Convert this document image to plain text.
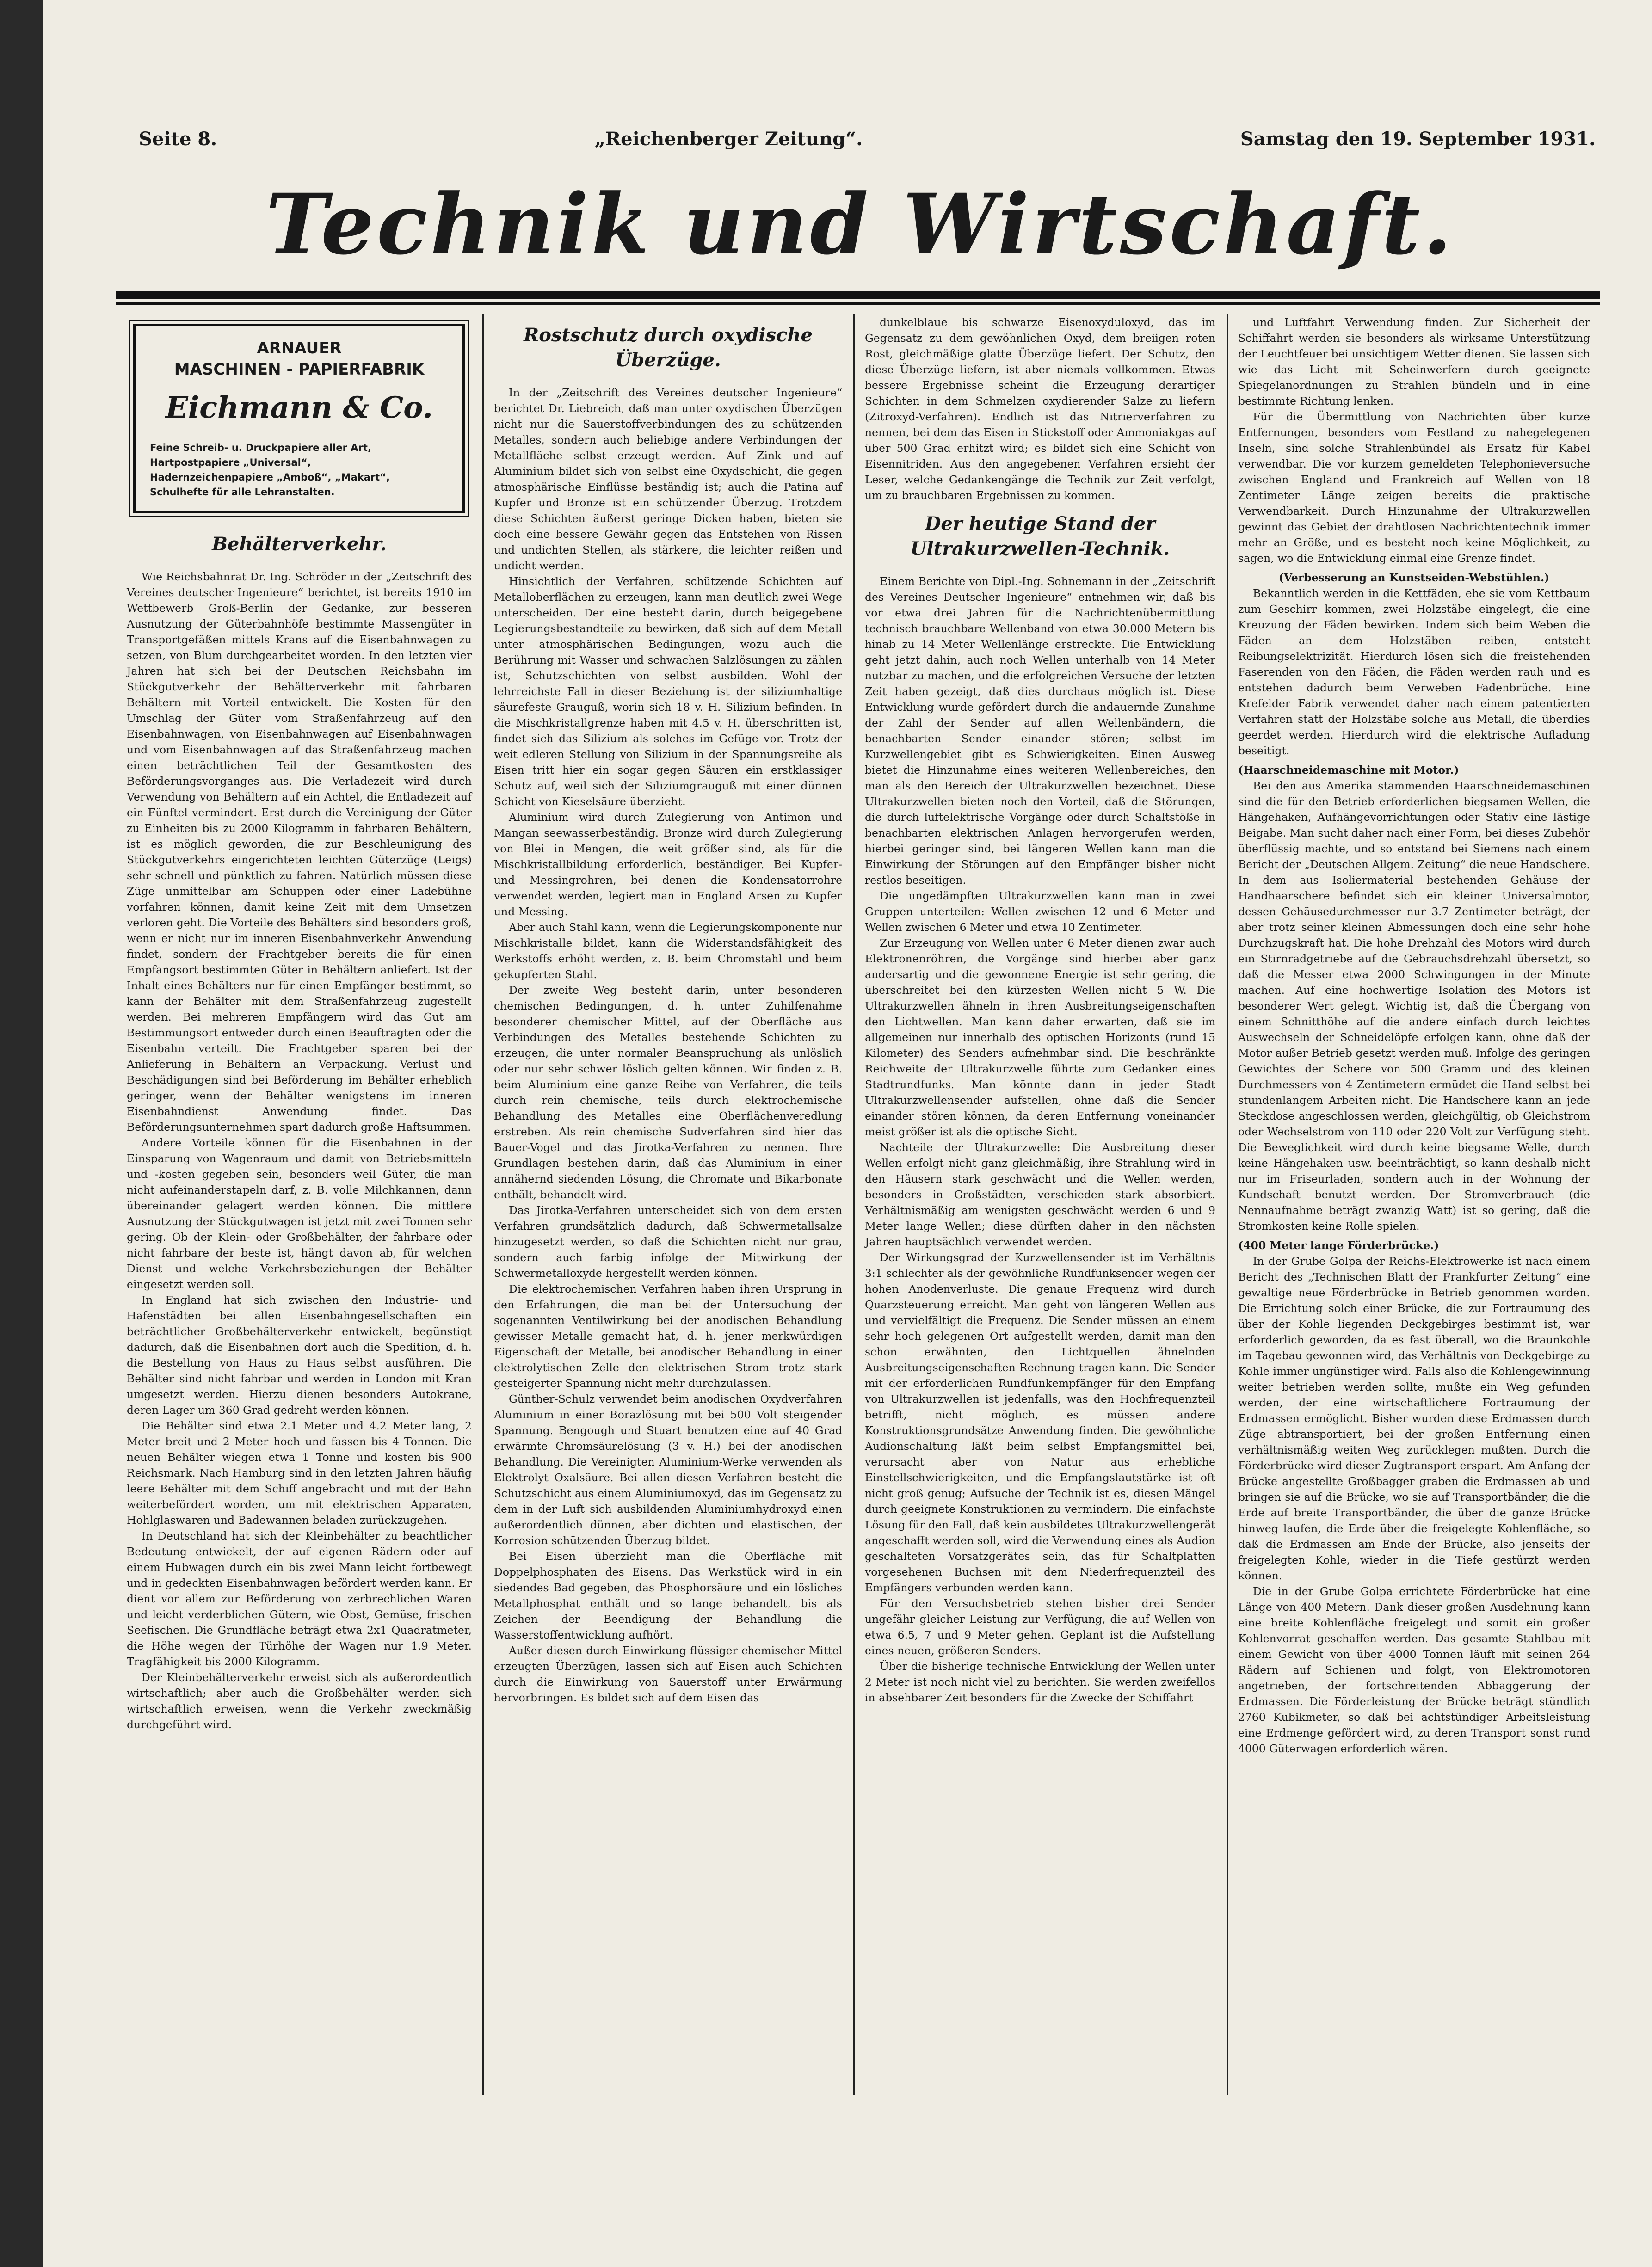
Seite 8.	„Reichenberger Zeitung“.	Samstag den 19. September 1931.
Technik und Wirtschaft.
ARNAUER
MASCHINEN - PAPIERFABRIK
Eichmann & Co.
Feine Schreib- u. Druckpapiere aller Art,
Hartpostpapiere „Universal“,
Hadernzeichenpapiere „Amboß“, „Makart“,
Schulhefte für alle Lehranstalten.
Behälterverkehr.

Wie Reichsbahnrat Dr. Ing. Schröder in der „Zeitschrift des Vereines deutscher Ingenieure“ berichtet, ist bereits 1910 im Wettbewerb Groß-Berlin der Gedanke, zur besseren Ausnutzung der Güterbahnhöfe bestimmte Massengüter in Transportgefäßen mittels Krans auf die Eisenbahnwagen zu setzen, von Blum durchgearbeitet worden. In den letzten vier Jahren hat sich bei der Deutschen Reichsbahn im Stückgutverkehr der Behälterverkehr mit fahrbaren Behältern mit Vorteil entwickelt. Die Kosten für den Umschlag der Güter vom Straßenfahrzeug auf den Eisenbahnwagen, von Eisenbahnwagen auf Eisenbahnwagen und vom Eisenbahnwagen auf das Straßenfahrzeug machen einen beträchtlichen Teil der Gesamtkosten des Beförderungsvorganges aus. Die Verladezeit wird durch Verwendung von Behältern auf ein Achtel, die Entladezeit auf ein Fünftel vermindert. Erst durch die Vereinigung der Güter zu Einheiten bis zu 2000 Kilogramm in fahrbaren Behältern, ist es möglich geworden, die zur Beschleunigung des Stückgutverkehrs eingerichteten leichten Güterzüge (Leigs) sehr schnell und pünktlich zu fahren. Natürlich müssen diese Züge unmittelbar am Schuppen oder einer Ladebühne vorfahren können, damit keine Zeit mit dem Umsetzen verloren geht. Die Vorteile des Behälters sind besonders groß, wenn er nicht nur im inneren Eisenbahnverkehr Anwendung findet, sondern der Frachtgeber bereits die für einen Empfangsort bestimmten Güter in Behältern anliefert. Ist der Inhalt eines Behälters nur für einen Empfänger bestimmt, so kann der Behälter mit dem Straßenfahrzeug zugestellt werden. Bei mehreren Empfängern wird das Gut am Bestimmungsort entweder durch einen Beauftragten oder die Eisenbahn verteilt. Die Frachtgeber sparen bei der Anlieferung in Behältern an Verpackung. Verlust und Beschädigungen sind bei Beförderung im Behälter erheblich geringer, wenn der Behälter wenigstens im inneren Eisenbahndienst Anwendung findet. Das Beförderungsunternehmen spart dadurch große Haftsummen.

Andere Vorteile können für die Eisenbahnen in der Einsparung von Wagenraum und damit von Betriebsmitteln und -kosten gegeben sein, besonders weil Güter, die man nicht aufeinanderstapeln darf, z. B. volle Milchkannen, dann übereinander gelagert werden können. Die mittlere Ausnutzung der Stückgutwagen ist jetzt mit zwei Tonnen sehr gering. Ob der Klein- oder Großbehälter, der fahrbare oder nicht fahrbare der beste ist, hängt davon ab, für welchen Dienst und welche Verkehrsbeziehungen der Behälter eingesetzt werden soll.

In England hat sich zwischen den Industrie- und Hafenstädten bei allen Eisenbahngesellschaften ein beträchtlicher Großbehälterverkehr entwickelt, begünstigt dadurch, daß die Eisenbahnen dort auch die Spedition, d. h. die Bestellung von Haus zu Haus selbst ausführen. Die Behälter sind nicht fahrbar und werden in London mit Kran umgesetzt werden. Hierzu dienen besonders Autokrane, deren Lager um 360 Grad gedreht werden können.

Die Behälter sind etwa 2.1 Meter und 4.2 Meter lang, 2 Meter breit und 2 Meter hoch und fassen bis 4 Tonnen. Die neuen Behälter wiegen etwa 1 Tonne und kosten bis 900 Reichsmark. Nach Hamburg sind in den letzten Jahren häufig leere Behälter mit dem Schiff angebracht und mit der Bahn weiterbefördert worden, um mit elektrischen Apparaten, Hohlglaswaren und Badewannen beladen zurückzugehen.

In Deutschland hat sich der Kleinbehälter zu beachtlicher Bedeutung entwickelt, der auf eigenen Rädern oder auf einem Hubwagen durch ein bis zwei Mann leicht fortbewegt und in gedeckten Eisenbahnwagen befördert werden kann. Er dient vor allem zur Beförderung von zerbrechlichen Waren und leicht verderblichen Gütern, wie Obst, Gemüse, frischen Seefischen. Die Grundfläche beträgt etwa 2x1 Quadratmeter, die Höhe wegen der Türhöhe der Wagen nur 1.9 Meter. Tragfähigkeit bis 2000 Kilogramm.

Der Kleinbehälterverkehr erweist sich als außerordentlich wirtschaftlich; aber auch die Großbehälter werden sich wirtschaftlich erweisen, wenn die Verkehr zweckmäßig durchgeführt wird.

Rostschutz durch oxydische Überzüge.

In der „Zeitschrift des Vereines deutscher Ingenieure“ berichtet Dr. Liebreich, daß man unter oxydischen Überzügen nicht nur die Sauerstoffverbindungen des zu schützenden Metalles, sondern auch beliebige andere Verbindungen der Metallfläche selbst erzeugt werden. Auf Zink und auf Aluminium bildet sich von selbst eine Oxydschicht, die gegen atmosphärische Einflüsse beständig ist; auch die Patina auf Kupfer und Bronze ist ein schützender Überzug. Trotzdem diese Schichten äußerst geringe Dicken haben, bieten sie doch eine bessere Gewähr gegen das Entstehen von Rissen und undichten Stellen, als stärkere, die leichter reißen und undicht werden.

Hinsichtlich der Verfahren, schützende Schichten auf Metalloberflächen zu erzeugen, kann man deutlich zwei Wege unterscheiden. Der eine besteht darin, durch beigegebene Legierungsbestandteile zu bewirken, daß sich auf dem Metall unter atmosphärischen Bedingungen, wozu auch die Berührung mit Wasser und schwachen Salzlösungen zu zählen ist, Schutzschichten von selbst ausbilden. Wohl der lehrreichste Fall in dieser Beziehung ist der siliziumhaltige säurefeste Grauguß, worin sich 18 v. H. Silizium befinden. In die Mischkristallgrenze haben mit 4.5 v. H. überschritten ist, findet sich das Silizium als solches im Gefüge vor. Trotz der weit edleren Stellung von Silizium in der Spannungsreihe als Eisen tritt hier ein sogar gegen Säuren ein erstklassiger Schutz auf, weil sich der Siliziumgrauguß mit einer dünnen Schicht von Kieselsäure überzieht.

Aluminium wird durch Zulegierung von Antimon und Mangan seewasserbeständig. Bronze wird durch Zulegierung von Blei in Mengen, die weit größer sind, als für die Mischkristallbildung erforderlich, beständiger. Bei Kupfer- und Messingrohren, bei denen die Kondensatorrohre verwendet werden, legiert man in England Arsen zu Kupfer und Messing.

Aber auch Stahl kann, wenn die Legierungskomponente nur Mischkristalle bildet, kann die Widerstandsfähigkeit des Werkstoffs erhöht werden, z. B. beim Chromstahl und beim gekupferten Stahl.

Der zweite Weg besteht darin, unter besonderen chemischen Bedingungen, d. h. unter Zuhilfenahme besonderer chemischer Mittel, auf der Oberfläche aus Verbindungen des Metalles bestehende Schichten zu erzeugen, die unter normaler Beanspruchung als unlöslich oder nur sehr schwer löslich gelten können. Wir finden z. B. beim Aluminium eine ganze Reihe von Verfahren, die teils durch rein chemische, teils durch elektrochemische Behandlung des Metalles eine Oberflächenveredlung erstreben. Als rein chemische Sudverfahren sind hier das Bauer-Vogel und das Jirotka-Verfahren zu nennen. Ihre Grundlagen bestehen darin, daß das Aluminium in einer annähernd siedenden Lösung, die Chromate und Bikarbonate enthält, behandelt wird.

Das Jirotka-Verfahren unterscheidet sich von dem ersten Verfahren grundsätzlich dadurch, daß Schwermetallsalze hinzugesetzt werden, so daß die Schichten nicht nur grau, sondern auch farbig infolge der Mitwirkung der Schwermetalloxyde hergestellt werden können.

Die elektrochemischen Verfahren haben ihren Ursprung in den Erfahrungen, die man bei der Untersuchung der sogenannten Ventilwirkung bei der anodischen Behandlung gewisser Metalle gemacht hat, d. h. jener merkwürdigen Eigenschaft der Metalle, bei anodischer Behandlung in einer elektrolytischen Zelle den elektrischen Strom trotz stark gesteigerter Spannung nicht mehr durchzulassen.

Günther-Schulz verwendet beim anodischen Oxydverfahren Aluminium in einer Borazlösung mit bei 500 Volt steigender Spannung. Bengough und Stuart benutzen eine auf 40 Grad erwärmte Chromsäurelösung (3 v. H.) bei der anodischen Behandlung. Die Vereinigten Aluminium-Werke verwenden als Elektrolyt Oxalsäure. Bei allen diesen Verfahren besteht die Schutzschicht aus einem Aluminiumoxyd, das im Gegensatz zu dem in der Luft sich ausbildenden Aluminiumhydroxyd einen außerordentlich dünnen, aber dichten und elastischen, der Korrosion schützenden Überzug bildet.

Bei Eisen überzieht man die Oberfläche mit Doppelphosphaten des Eisens. Das Werkstück wird in ein siedendes Bad gegeben, das Phosphorsäure und ein lösliches Metallphosphat enthält und so lange behandelt, bis als Zeichen der Beendigung der Behandlung die Wasserstoffentwicklung aufhört.

Außer diesen durch Einwirkung flüssiger chemischer Mittel erzeugten Überzügen, lassen sich auf Eisen auch Schichten durch die Einwirkung von Sauerstoff unter Erwärmung hervorbringen. Es bildet sich auf dem Eisen das

dunkelblaue bis schwarze Eisenoxyduloxyd, das im Gegensatz zu dem gewöhnlichen Oxyd, dem breiigen roten Rost, gleichmäßige glatte Überzüge liefert. Der Schutz, den diese Überzüge liefern, ist aber niemals vollkommen. Etwas bessere Ergebnisse scheint die Erzeugung derartiger Schichten in dem Schmelzen oxydierender Salze zu liefern (Zitroxyd-Verfahren). Endlich ist das Nitrierverfahren zu nennen, bei dem das Eisen in Stickstoff oder Ammoniakgas auf über 500 Grad erhitzt wird; es bildet sich eine Schicht von Eisennitriden. Aus den angegebenen Verfahren ersieht der Leser, welche Gedankengänge die Technik zur Zeit verfolgt, um zu brauchbaren Ergebnissen zu kommen.

Der heutige Stand der Ultrakurzwellen-Technik.

Einem Berichte von Dipl.-Ing. Sohnemann in der „Zeitschrift des Vereines Deutscher Ingenieure“ entnehmen wir, daß bis vor etwa drei Jahren für die Nachrichtenübermittlung technisch brauchbare Wellenband von etwa 30.000 Metern bis hinab zu 14 Meter Wellenlänge erstreckte. Die Entwicklung geht jetzt dahin, auch noch Wellen unterhalb von 14 Meter nutzbar zu machen, und die erfolgreichen Versuche der letzten Zeit haben gezeigt, daß dies durchaus möglich ist. Diese Entwicklung wurde gefördert durch die andauernde Zunahme der Zahl der Sender auf allen Wellenbändern, die benachbarten Sender einander stören; selbst im Kurzwellengebiet gibt es Schwierigkeiten. Einen Ausweg bietet die Hinzunahme eines weiteren Wellenbereiches, den man als den Bereich der Ultrakurzwellen bezeichnet. Diese Ultrakurzwellen bieten noch den Vorteil, daß die Störungen, die durch luftelektrische Vorgänge oder durch Schaltstöße in benachbarten elektrischen Anlagen hervorgerufen werden, hierbei geringer sind, bei längeren Wellen kann man die Einwirkung der Störungen auf den Empfänger bisher nicht restlos beseitigen.

Die ungedämpften Ultrakurzwellen kann man in zwei Gruppen unterteilen: Wellen zwischen 12 und 6 Meter und Wellen zwischen 6 Meter und etwa 10 Zentimeter.

Zur Erzeugung von Wellen unter 6 Meter dienen zwar auch Elektronenröhren, die Vorgänge sind hierbei aber ganz andersartig und die gewonnene Energie ist sehr gering, die überschreitet bei den kürzesten Wellen nicht 5 W. Die Ultrakurzwellen ähneln in ihren Ausbreitungseigenschaften den Lichtwellen. Man kann daher erwarten, daß sie im allgemeinen nur innerhalb des optischen Horizonts (rund 15 Kilometer) des Senders aufnehmbar sind. Die beschränkte Reichweite der Ultrakurzwelle führte zum Gedanken eines Stadtrundfunks. Man könnte dann in jeder Stadt Ultrakurzwellensender aufstellen, ohne daß die Sender einander stören können, da deren Entfernung voneinander meist größer ist als die optische Sicht.

Nachteile der Ultrakurzwelle: Die Ausbreitung dieser Wellen erfolgt nicht ganz gleichmäßig, ihre Strahlung wird in den Häusern stark geschwächt und die Wellen werden, besonders in Großstädten, verschieden stark absorbiert. Verhältnismäßig am wenigsten geschwächt werden 6 und 9 Meter lange Wellen; diese dürften daher in den nächsten Jahren hauptsächlich verwendet werden.

Der Wirkungsgrad der Kurzwellensender ist im Verhältnis 3:1 schlechter als der gewöhnliche Rundfunksender wegen der hohen Anodenverluste. Die genaue Frequenz wird durch Quarzsteuerung erreicht. Man geht von längeren Wellen aus und vervielfältigt die Frequenz. Die Sender müssen an einem sehr hoch gelegenen Ort aufgestellt werden, damit man den schon erwähnten, den Lichtquellen ähnelnden Ausbreitungseigenschaften Rechnung tragen kann. Die Sender mit der erforderlichen Rundfunkempfänger für den Empfang von Ultrakurzwellen ist jedenfalls, was den Hochfrequenzteil betrifft, nicht möglich, es müssen andere Konstruktionsgrundsätze Anwendung finden. Die gewöhnliche Audionschaltung läßt beim selbst Empfangsmittel bei, verursacht aber von Natur aus erhebliche Einstellschwierigkeiten, und die Empfangslautstärke ist oft nicht groß genug; Aufsuche der Technik ist es, diesen Mängel durch geeignete Konstruktionen zu vermindern. Die einfachste Lösung für den Fall, daß kein ausbildetes Ultrakurzwellengerät angeschafft werden soll, wird die Verwendung eines als Audion geschalteten Vorsatzgerätes sein, das für Schaltplatten vorgesehenen Buchsen mit dem Niederfrequenzteil des Empfängers verbunden werden kann.

Für den Versuchsbetrieb stehen bisher drei Sender ungefähr gleicher Leistung zur Verfügung, die auf Wellen von etwa 6.5, 7 und 9 Meter gehen. Geplant ist die Aufstellung eines neuen, größeren Senders.

Über die bisherige technische Entwicklung der Wellen unter 2 Meter ist noch nicht viel zu berichten. Sie werden zweifellos in absehbarer Zeit besonders für die Zwecke der Schiffahrt

und Luftfahrt Verwendung finden. Zur Sicherheit der Schiffahrt werden sie besonders als wirksame Unterstützung der Leuchtfeuer bei unsichtigem Wetter dienen. Sie lassen sich wie das Licht mit Scheinwerfern durch geeignete Spiegelanordnungen zu Strahlen bündeln und in eine bestimmte Richtung lenken.

Für die Übermittlung von Nachrichten über kurze Entfernungen, besonders vom Festland zu nahegelegenen Inseln, sind solche Strahlenbündel als Ersatz für Kabel verwendbar. Die vor kurzem gemeldeten Telephonieversuche zwischen England und Frankreich auf Wellen von 18 Zentimeter Länge zeigen bereits die praktische Verwendbarkeit. Durch Hinzunahme der Ultrakurzwellen gewinnt das Gebiet der drahtlosen Nachrichtentechnik immer mehr an Größe, und es besteht noch keine Möglichkeit, zu sagen, wo die Entwicklung einmal eine Grenze findet.

(Verbesserung an Kunstseiden-Webstühlen.)

Bekanntlich werden in die Kettfäden, ehe sie vom Kettbaum zum Geschirr kommen, zwei Holzstäbe eingelegt, die eine Kreuzung der Fäden bewirken. Indem sich beim Weben die Fäden an dem Holzstäben reiben, entsteht Reibungselektrizität. Hierdurch lösen sich die freistehenden Faserenden von den Fäden, die Fäden werden rauh und es entstehen dadurch beim Verweben Fadenbrüche. Eine Krefelder Fabrik verwendet daher nach einem patentierten Verfahren statt der Holzstäbe solche aus Metall, die überdies geerdet werden. Hierdurch wird die elektrische Aufladung beseitigt.

(Haarschneidemaschine mit Motor.)

Bei den aus Amerika stammenden Haarschneidemaschinen sind die für den Betrieb erforderlichen biegsamen Wellen, die Hängehaken, Aufhängevorrichtungen oder Stativ eine lästige Beigabe. Man sucht daher nach einer Form, bei dieses Zubehör überflüssig machte, und so entstand bei Siemens nach einem Bericht der „Deutschen Allgem. Zeitung“ die neue Handschere. In dem aus Isoliermaterial bestehenden Gehäuse der Handhaarschere befindet sich ein kleiner Universalmotor, dessen Gehäusedurchmesser nur 3.7 Zentimeter beträgt, der aber trotz seiner kleinen Abmessungen doch eine sehr hohe Durchzugskraft hat. Die hohe Drehzahl des Motors wird durch ein Stirnradgetriebe auf die Gebrauchsdrehzahl übersetzt, so daß die Messer etwa 2000 Schwingungen in der Minute machen. Auf eine hochwertige Isolation des Motors ist besonderer Wert gelegt. Wichtig ist, daß die Übergang von einem Schnitthöhe auf die andere einfach durch leichtes Auswechseln der Schneidelöpfe erfolgen kann, ohne daß der Motor außer Betrieb gesetzt werden muß. Infolge des geringen Gewichtes der Schere von 500 Gramm und des kleinen Durchmessers von 4 Zentimetern ermüdet die Hand selbst bei stundenlangem Arbeiten nicht. Die Handschere kann an jede Steckdose angeschlossen werden, gleichgültig, ob Gleichstrom oder Wechselstrom von 110 oder 220 Volt zur Verfügung steht. Die Beweglichkeit wird durch keine biegsame Welle, durch keine Hängehaken usw. beeinträchtigt, so kann deshalb nicht nur im Friseurladen, sondern auch in der Wohnung der Kundschaft benutzt werden. Der Stromverbrauch (die Nennaufnahme beträgt zwanzig Watt) ist so gering, daß die Stromkosten keine Rolle spielen.

(400 Meter lange Förderbrücke.)

In der Grube Golpa der Reichs-Elektrowerke ist nach einem Bericht des „Technischen Blatt der Frankfurter Zeitung“ eine gewaltige neue Förderbrücke in Betrieb genommen worden. Die Errichtung solch einer Brücke, die zur Fortraumung des über der Kohle liegenden Deckgebirges bestimmt ist, war erforderlich geworden, da es fast überall, wo die Braunkohle im Tagebau gewonnen wird, das Verhältnis von Deckgebirge zu Kohle immer ungünstiger wird. Falls also die Kohlengewinnung weiter betrieben werden sollte, mußte ein Weg gefunden werden, der eine wirtschaftlichere Fortraumung der Erdmassen ermöglicht. Bisher wurden diese Erdmassen durch Züge abtransportiert, bei der großen Entfernung einen verhältnismäßig weiten Weg zurücklegen mußten. Durch die Förderbrücke wird dieser Zugtransport erspart. Am Anfang der Brücke angestellte Großbagger graben die Erdmassen ab und bringen sie auf die Brücke, wo sie auf Transportbänder, die die Erde auf breite Transportbänder, die über die ganze Brücke hinweg laufen, die Erde über die freigelegte Kohlenfläche, so daß die Erdmassen am Ende der Brücke, also jenseits der freigelegten Kohle, wieder in die Tiefe gestürzt werden können.

Die in der Grube Golpa errichtete Förderbrücke hat eine Länge von 400 Metern. Dank dieser großen Ausdehnung kann eine breite Kohlenfläche freigelegt und somit ein großer Kohlenvorrat geschaffen werden. Das gesamte Stahlbau mit einem Gewicht von über 4000 Tonnen läuft mit seinen 264 Rädern auf Schienen und folgt, von Elektromotoren angetrieben, der fortschreitenden Abbaggerung der Erdmassen. Die Förderleistung der Brücke beträgt stündlich 2760 Kubikmeter, so daß bei achtstündiger Arbeitsleistung eine Erdmenge gefördert wird, zu deren Transport sonst rund 4000 Güterwagen erforderlich wären.
